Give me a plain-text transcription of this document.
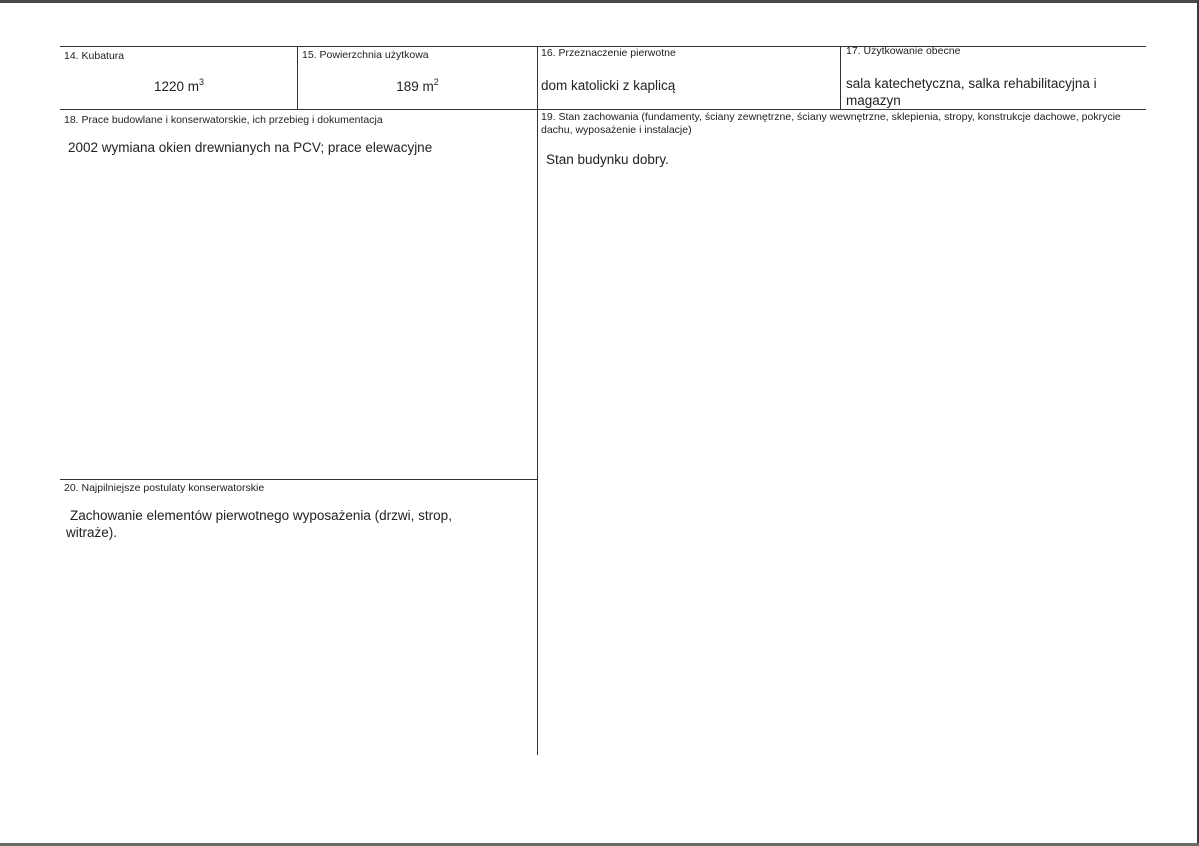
14. Kubatura
1220 $m^3$
15. Powierzchnia użytkowa
189 $m^2$
16. Przeznaczenie pierwotne
dom katolicki z kaplicą
17. Użytkowanie obecne
sala katechetyczna, salka rehabilitacyjna i magazyn
18. Prace budowlane i konserwatorskie, ich przebieg i dokumentacja
2002 wymiana okien drewnianych na PCV; prace elewacyjne
19. Stan zachowania (fundamenty, ściany zewnętrzne, ściany wewnętrzne, sklepienia, stropy, konstrukcje dachowe, pokrycie dachu, wyposażenie i instalacje)
Stan budynku dobry.
20. Najpilniejsze postulaty konserwatorskie
Zachowanie elementów pierwotnego wyposażenia (drzwi, strop, witraże).
